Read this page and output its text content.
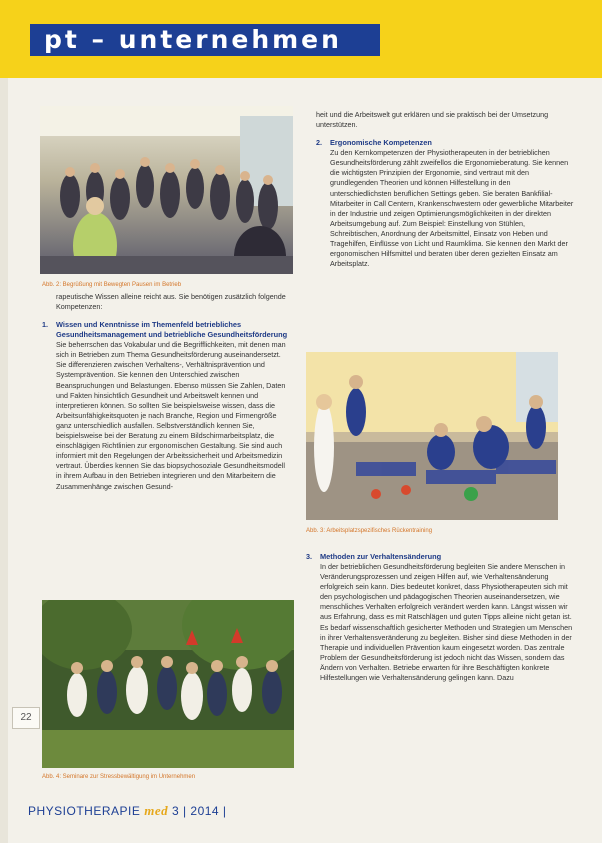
pt – unternehmen
Abb. 2: Begrüßung mit Bewegten Pausen im Betrieb

rapeutische Wissen alleine reicht aus. Sie benötigen zusätzlich folgende Kompetenzen:

1.	Wissen und Kenntnisse im Themenfeld betriebliches Gesundheitsmanagement und betriebliche Gesundheitsförderung

Sie beherrschen das Vokabular und die Begrifflichkeiten, mit denen man sich in Betrieben zum Thema Gesundheitsförderung auseinandersetzt. Sie differenzieren zwischen Verhaltens-, Verhältnisprävention und Systemprävention. Sie kennen den Unterschied zwischen Beanspruchungen und Belastungen. Ebenso müssen Sie Zahlen, Daten und Fakten hinsichtlich Gesundheit und Arbeitswelt kennen und interpretieren können. So sollten Sie beispielsweise wissen, dass die Arbeitsunfähigkeitsquoten je nach Branche, Region und Firmengröße ganz unterschiedlich ausfallen. Selbstverständlich kennen Sie, beispielsweise bei der Beratung zu einem Bildschirmarbeitsplatz, die einschlägigen Richtlinien zur ergonomischen Gestaltung. Sie sind auch informiert mit den Regelungen der Arbeitssicherheit und Arbeitsmedizin vertraut. Überdies kennen Sie das biopsychosoziale Gesundheitsmodell in ihrem Aufbau in den Betrieben integrieren und den Mitarbeitern die Zusammenhänge zwischen Gesund-

Abb. 4: Seminare zur Stressbewältigung im Unternehmen
22

heit und die Arbeitswelt gut erklären und sie praktisch bei der Umsetzung unterstützen.

2.	Ergonomische Kompetenzen

Zu den Kernkompetenzen der Physiotherapeuten in der betrieblichen Gesundheitsförderung zählt zweifellos die Ergonomieberatung. Sie kennen die wichtigsten Prinzipien der Ergonomie, sind vertraut mit den grundlegenden Theorien und können Hilfestellung in den unterschiedlichsten beruflichen Settings geben. Sie beraten Bankfilial-Mitarbeiter in Call Centern, Krankenschwestern oder gewerbliche Mitarbeiter in der Industrie und zeigen Optimierungsmöglichkeiten in der direkten Arbeitsumgebung auf. Zum Beispiel: Einstellung von Stühlen, Schreibtischen, Anordnung der Arbeitsmittel, Einsatz von Heben und Tragehilfen, Einflüsse von Licht und Raumklima. Sie kennen den Markt der ergonomischen Hilfsmittel und beraten über deren gezielten Einsatz am Arbeitsplatz.

Abb. 3: Arbeitsplatzspezifisches Rückentraining
3.	Methoden zur Verhaltensänderung

In der betrieblichen Gesundheitsförderung begleiten Sie andere Menschen in Veränderungsprozessen und zeigen Hilfen auf, wie Verhaltensänderung erfolgreich sein kann. Dies bedeutet konkret, dass Physiotherapeuten sich mit den psychologischen und pädagogischen Theorien auseinandersetzen, wie menschliches Verhalten erfolgreich verändert werden kann. Längst wissen wir aus Erfahrung, dass es mit Ratschlägen und guten Tipps alleine nicht getan ist. Es bedarf wissenschaftlich gesicherter Methoden und Strategien um Menschen in ihrer Verhaltensveränderung zu begleiten. Bisher sind diese Methoden in der Therapie und individuellen Prävention kaum eingesetzt worden. Das zentrale Problem der Gesundheitsförderung ist jedoch nicht das Wissen, sondern das Ändern von Verhalten. Betriebe erwarten für ihre Beschäftigten konkrete Hilfestellungen wie Verhaltensänderung gelingen kann. Dazu

PHYSIOTHERAPIE med 3 | 2014 |
